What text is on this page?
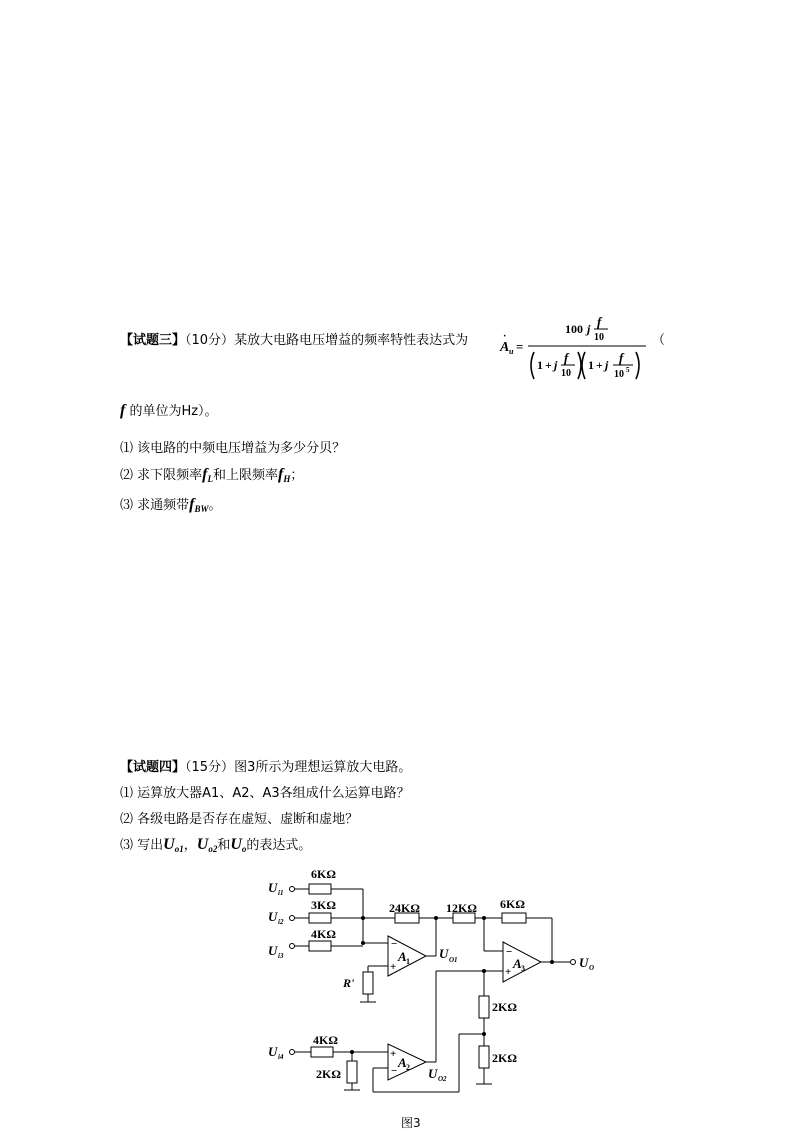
【试题三】（10分）某放大电路电压增益的频率特性表达式为 A
·
u =
100 j f
10
1 + j f
10
1 + j f
10 5
（
f 的单位为Hz）。
⑴ 该电路的中频电压增益为多少分贝？
⑵ 求下限频率$f_L$和上限频率$f_H$；
⑶ 求通频带$f_{BW}$。
【试题四】（15分）图3所示为理想运算放大电路。
⑴ 运算放大器A1、A2、A3各组成什么运算电路？
⑵ 各级电路是否存在虚短、虚断和虚地？
⑶ 写出$U_{o1}$，$U_{o2}$和$U_o$的表达式。
−
+
−
+
+
−
A 1	A 3
A 2
6KΩ
3KΩ
4KΩ
24KΩ 12KΩ 6KΩ
2KΩ
2KΩ
4KΩ
2KΩ
R'
U
U
U
U
U
U
U
i1
i2
i3
i4
O1
O2
O
图3
